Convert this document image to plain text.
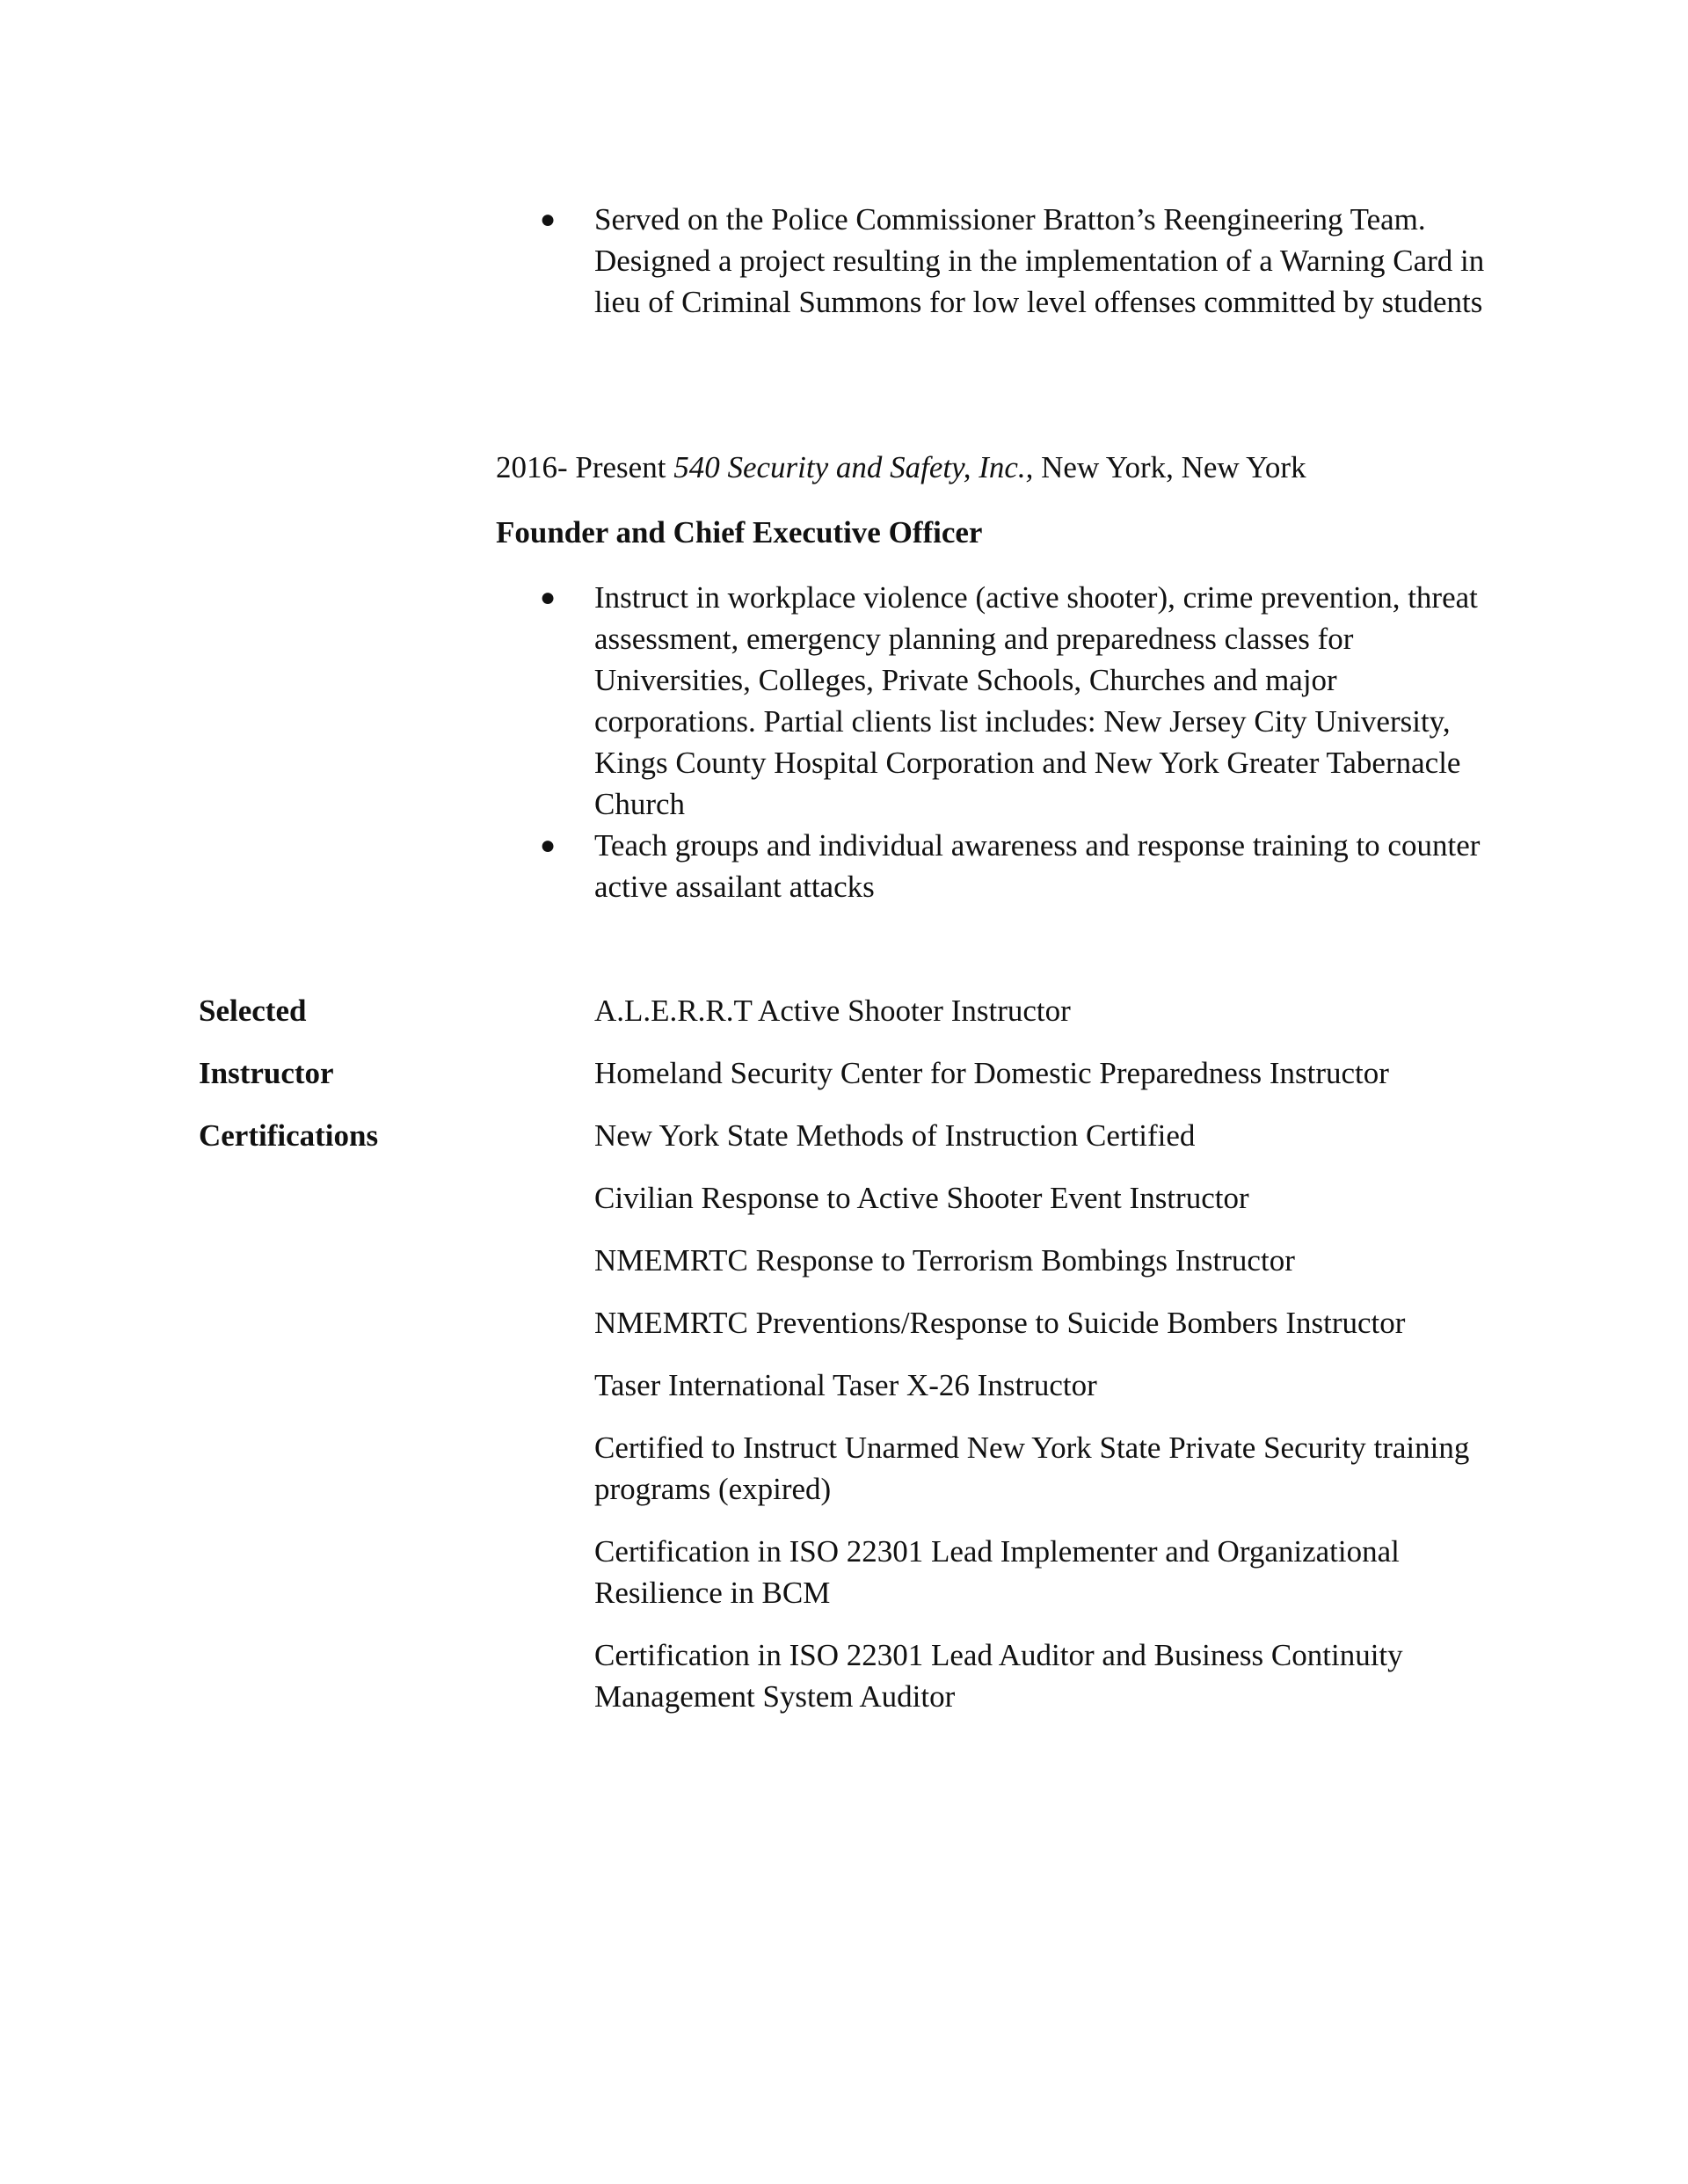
● Served on the Police Commissioner Bratton’s Reengineering Team. Designed a project resulting in the implementation of a Warning Card in lieu of Criminal Summons for low level offenses committed by students
2016- Present 540 Security and Safety, Inc., New York, New York
Founder and Chief Executive Officer
● Instruct in workplace violence (active shooter), crime prevention, threat assessment, emergency planning and preparedness classes for Universities, Colleges, Private Schools, Churches and major corporations. Partial clients list includes: New Jersey City University, Kings County Hospital Corporation and New York Greater Tabernacle Church
● Teach groups and individual awareness and response training to counter active assailant attacks
Selected
Instructor
Certifications
A.L.E.R.R.T Active Shooter Instructor
Homeland Security Center for Domestic Preparedness Instructor
New York State Methods of Instruction Certified
Civilian Response to Active Shooter Event Instructor
NMEMRTC Response to Terrorism Bombings Instructor
NMEMRTC Preventions/Response to Suicide Bombers Instructor
Taser International Taser X-26 Instructor
Certified to Instruct Unarmed New York State Private Security training programs (expired)
Certification in ISO 22301 Lead Implementer and Organizational Resilience in BCM
Certification in ISO 22301 Lead Auditor and Business Continuity Management System Auditor
